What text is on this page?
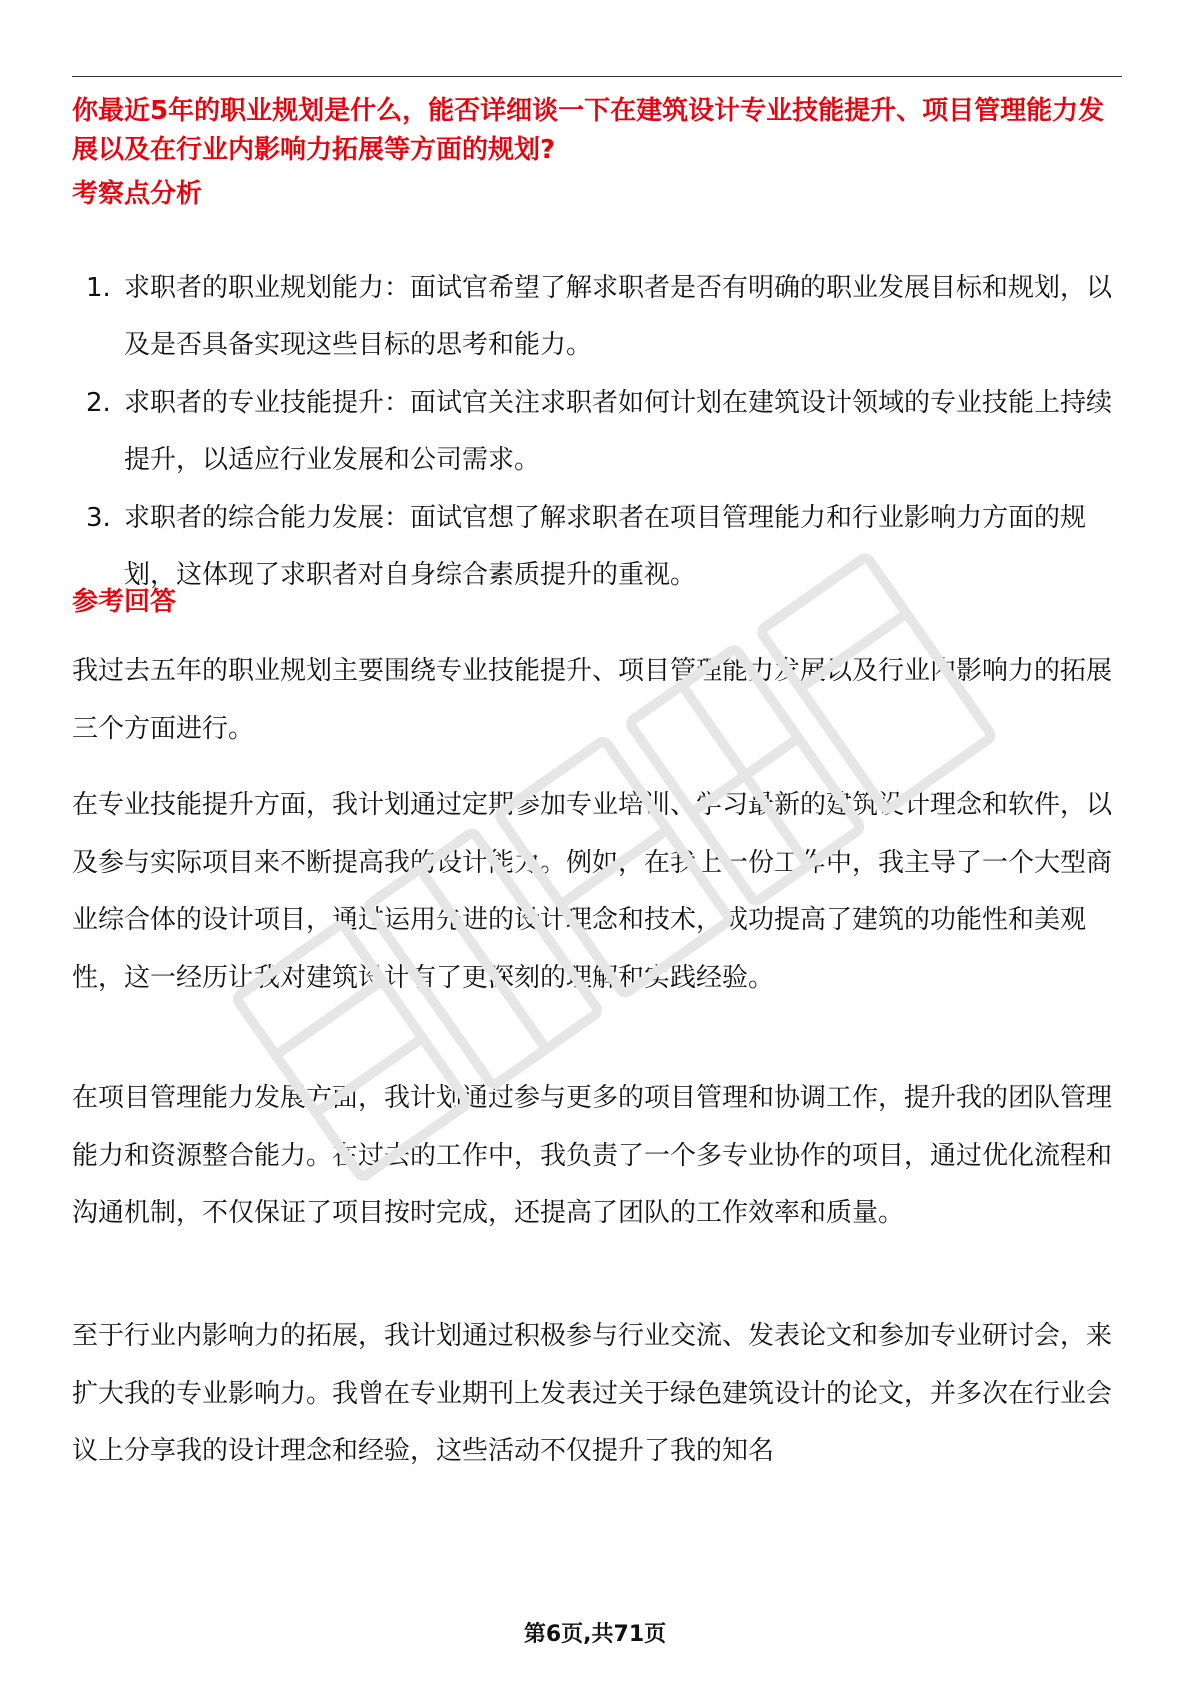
你最近5年的职业规划是什么，能否详细谈一下在建筑设计专业技能提升、项目管理能力发展以及在行业内影响力拓展等方面的规划?

考察点分析
1. 求职者的职业规划能力：面试官希望了解求职者是否有明确的职业发展目标和规划，以及是否具备实现这些目标的思考和能力。
2. 求职者的专业技能提升：面试官关注求职者如何计划在建筑设计领域的专业技能上持续提升，以适应行业发展和公司需求。
3. 求职者的综合能力发展：面试官想了解求职者在项目管理能力和行业影响力方面的规划，这体现了求职者对自身综合素质提升的重视。
参考回答

我过去五年的职业规划主要围绕专业技能提升、项目管理能力发展以及行业内影响力的拓展三个方面进行。

在专业技能提升方面，我计划通过定期参加专业培训、学习最新的建筑设计理念和软件，以及参与实际项目来不断提高我的设计能力。例如，在我上一份工作中，我主导了一个大型商业综合体的设计项目，通过运用先进的设计理念和技术，成功提高了建筑的功能性和美观性，这一经历让我对建筑设计有了更深刻的理解和实践经验。

在项目管理能力发展方面，我计划通过参与更多的项目管理和协调工作，提升我的团队管理能力和资源整合能力。在过去的工作中，我负责了一个多专业协作的项目，通过优化流程和沟通机制，不仅保证了项目按时完成，还提高了团队的工作效率和质量。

至于行业内影响力的拓展，我计划通过积极参与行业交流、发表论文和参加专业研讨会，来扩大我的专业影响力。我曾在专业期刊上发表过关于绿色建筑设计的论文，并多次在行业会议上分享我的设计理念和经验，这些活动不仅提升了我的知名

第6页,共71页
